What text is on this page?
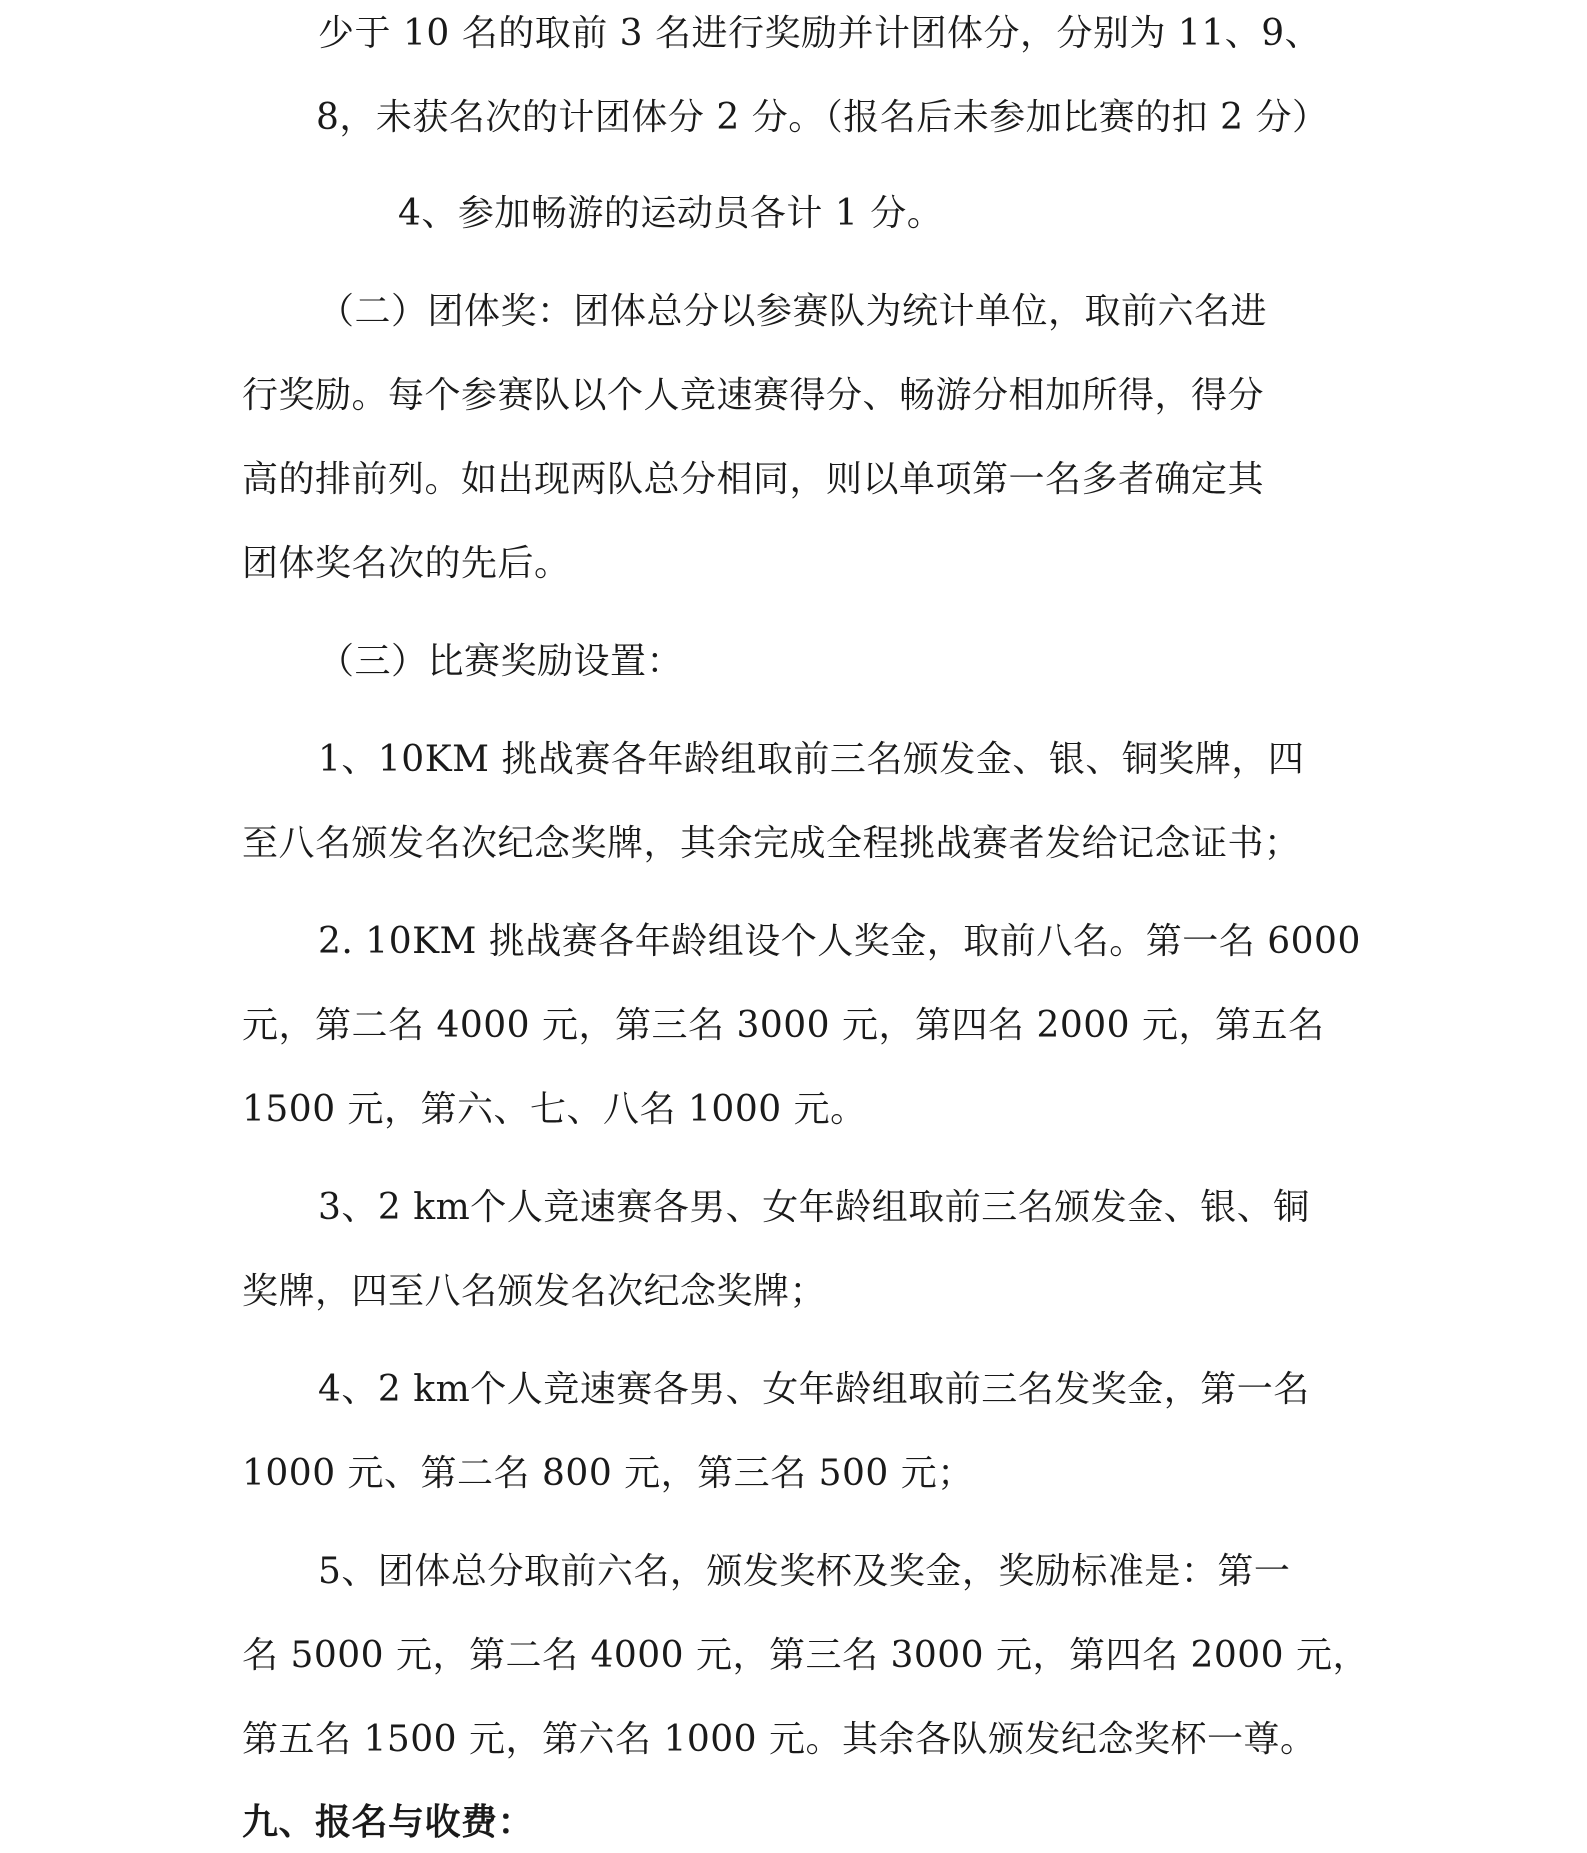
少于 10 名的取前 3 名进行奖励并计团体分，分别为 11、9、
8，未获名次的计团体分 2 分。（报名后未参加比赛的扣 2 分）
4、参加畅游的运动员各计 1 分。
（二）团体奖：团体总分以参赛队为统计单位，取前六名进
行奖励。每个参赛队以个人竞速赛得分、畅游分相加所得，得分
高的排前列。如出现两队总分相同，则以单项第一名多者确定其
团体奖名次的先后。
（三）比赛奖励设置：
1、10KM 挑战赛各年龄组取前三名颁发金、银、铜奖牌，四
至八名颁发名次纪念奖牌，其余完成全程挑战赛者发给记念证书；
2. 10KM 挑战赛各年龄组设个人奖金，取前八名。第一名 6000
元，第二名 4000 元，第三名 3000 元，第四名 2000 元，第五名
1500 元，第六、七、八名 1000 元。
3、2 km个人竞速赛各男、女年龄组取前三名颁发金、银、铜
奖牌，四至八名颁发名次纪念奖牌；
4、2 km个人竞速赛各男、女年龄组取前三名发奖金，第一名
1000 元、第二名 800 元，第三名 500 元；
5、团体总分取前六名，颁发奖杯及奖金，奖励标准是：第一
名 5000 元，第二名 4000 元，第三名 3000 元，第四名 2000 元，
第五名 1500 元，第六名 1000 元。其余各队颁发纪念奖杯一尊。
九、报名与收费：
